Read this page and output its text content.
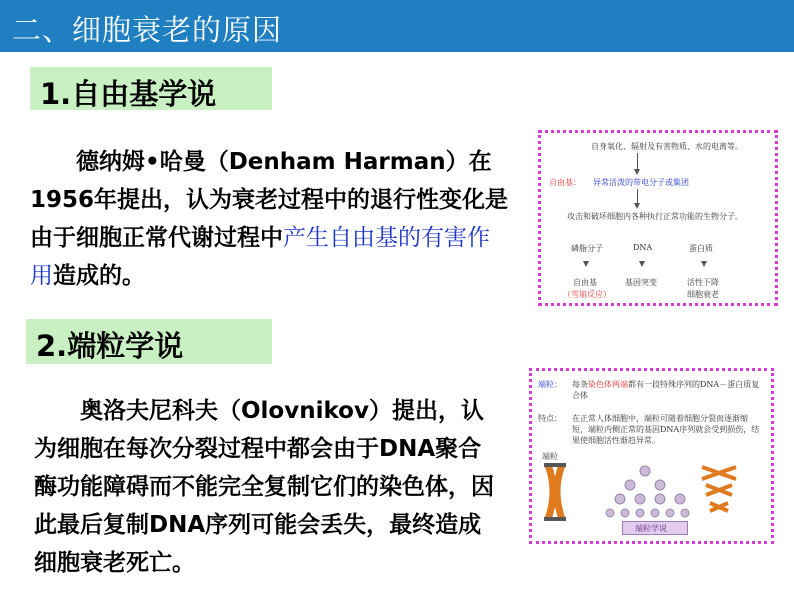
二、细胞衰老的原因
1.自由基学说
德纳姆•哈曼（Denham Harman）在1956年提出，认为衰老过程中的退行性变化是由于细胞正常代谢过程中产生自由基的有害作用造成的。
2.端粒学说
奥洛夫尼科夫（Olovnikov）提出，认为细胞在每次分裂过程中都会由于DNA聚合酶功能障碍而不能完全复制它们的染色体，因此最后复制DNA序列可能会丢失，最终造成细胞衰老死亡。
自身氧化、辐射及有害物质、水的电离等。
自由基： 异常活泼的带电分子或集团
攻击和破坏细胞内各种执行正常功能的生物分子。
磷脂分子	DNA	蛋白质
自由基	基因突变	活性下降
（雪崩反应）	细胞衰老
端粒： 每条染色体两端都有一段特殊序列的DNA－蛋白质复合体
特点： 在正常人体细胞中，端粒可随着细胞分裂而逐渐缩短，端粒内侧正常的基因DNA序列就会受到损伤，结果使细胞活性渐趋异常。
端粒
端粒学说
